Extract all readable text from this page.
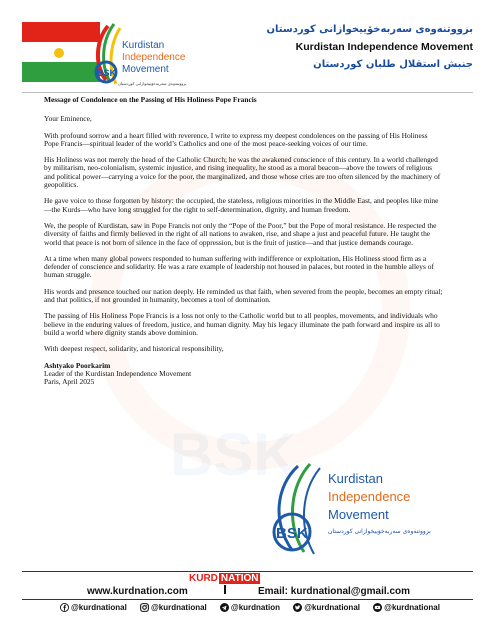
BSK
BSK
Kurdistan
Independence
Movement
بزووتنەوەی سەربەخۆییخوازانی کوردستان
بزووتنەوەی سەربەخۆییخوازانی کوردستان
Kurdistan Independence Movement
جنبش استقلال طلبان کوردستان

Message of Condolence on the Passing of His Holiness Pope Francis

Your Eminence,

With profound sorrow and a heart filled with reverence, I write to express my deepest condolences on the passing of His Holiness Pope Francis—spiritual leader of the world’s Catholics and one of the most peace-seeking voices of our time.

His Holiness was not merely the head of the Catholic Church; he was the awakened conscience of this century. In a world challenged by militarism, neo-colonialism, systemic injustice, and rising inequality, he stood as a moral beacon—above the towers of religious and political power—carrying a voice for the poor, the marginalized, and those whose cries are too often silenced by the machinery of geopolitics.

He gave voice to those forgotten by history: the occupied, the stateless, religious minorities in the Middle East, and peoples like mine—the Kurds—who have long struggled for the right to self-determination, dignity, and human freedom.

We, the people of Kurdistan, saw in Pope Francis not only the “Pope of the Poor,” but the Pope of moral resistance. He respected the diversity of faiths and firmly believed in the right of all nations to awaken, rise, and shape a just and peaceful future. He taught the world that peace is not born of silence in the face of oppression, but is the fruit of justice—and that justice demands courage.

At a time when many global powers responded to human suffering with indifference or exploitation, His Holiness stood firm as a defender of conscience and solidarity. He was a rare example of leadership not housed in palaces, but rooted in the humble alleys of human struggle.

His words and presence touched our nation deeply. He reminded us that faith, when severed from the people, becomes an empty ritual; and that politics, if not grounded in humanity, becomes a tool of domination.

The passing of His Holiness Pope Francis is a loss not only to the Catholic world but to all peoples, movements, and individuals who believe in the enduring values of freedom, justice, and human dignity. May his legacy illuminate the path forward and inspire us all to build a world where dignity stands above dominion.

With deepest respect, solidarity, and historical responsibility,

Ashtyako Poorkarim

Leader of the Kurdistan Independence Movement

Paris, April 2025

BSK
Kurdistan
Independence
Movement
بزووتنەوەی سەربەخۆییخوازانی کوردستان
KURD NATION
www.kurdnation.com	Email: kurdnational@gmail.com
@kurdnational	@kurdnational	@kurdnation	@kurdnational	@kurdnational
